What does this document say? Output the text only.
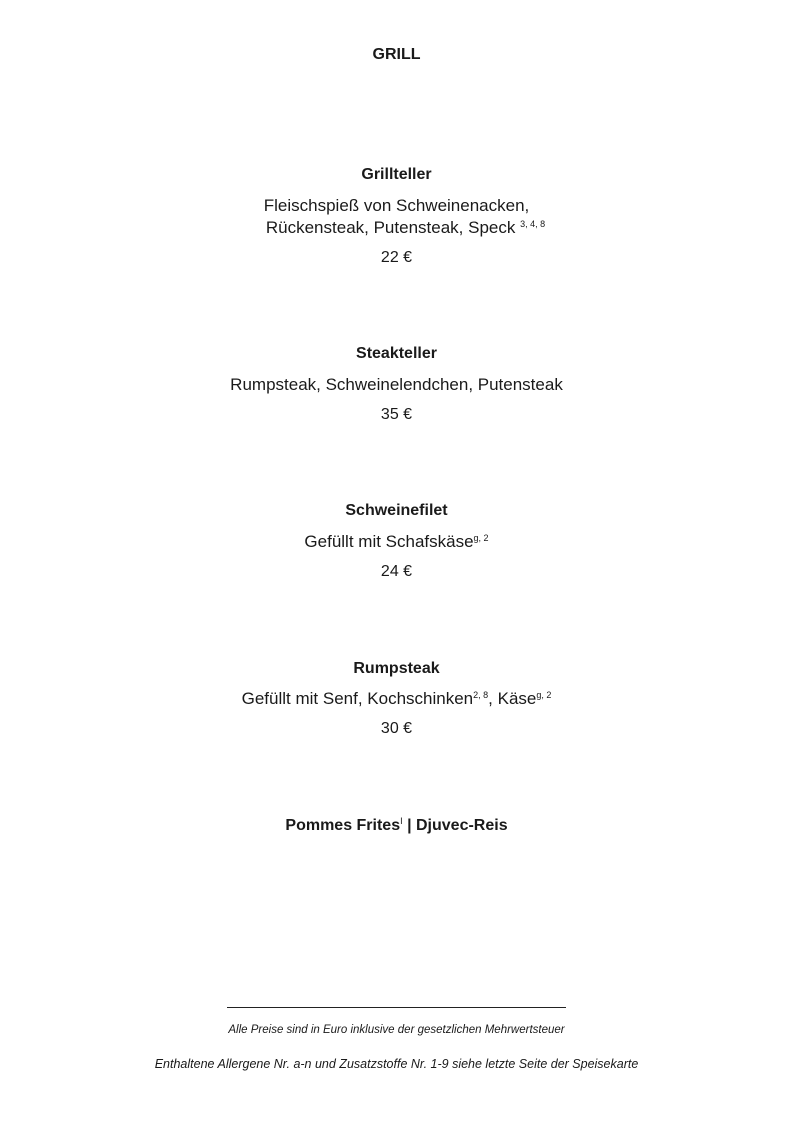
GRILL
Grillteller
Fleischspieß von Schweinenacken,
Rückensteak, Putensteak, Speck $^{3, 4, 8}$
22 €
Steakteller
Rumpsteak, Schweinelendchen, Putensteak
35 €
Schweinefilet
Gefüllt mit Schafskäse$^{g, 2}$
24 €
Rumpsteak
Gefüllt mit Senf, Kochschinken$^{2, 8}$, Käse$^{g, 2}$
30 €
Pommes Frites$^I$ | Djuvec-Reis
Alle Preise sind in Euro inklusive der gesetzlichen Mehrwertsteuer
Enthaltene Allergene Nr. a-n und Zusatzstoffe Nr. 1-9 siehe letzte Seite der Speisekarte
